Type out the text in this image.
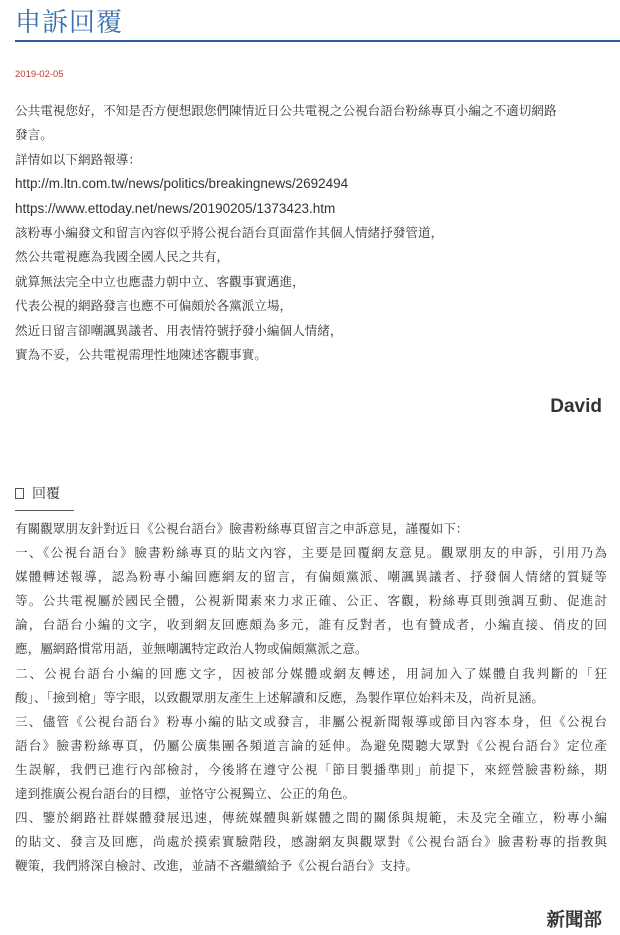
申訴回覆
2019-02-05
公共電視您好，不知是否方便想跟您們陳情近日公共電視之公視台語台粉絲專頁小編之不適切網路
發言。
詳情如以下網路報導：
http://m.ltn.com.tw/news/politics/breakingnews/2692494
https://www.ettoday.net/news/20190205/1373423.htm
該粉專小編發文和留言內容似乎將公視台語台頁面當作其個人情緒抒發管道，
然公共電視應為我國全國人民之共有，
就算無法完全中立也應盡力朝中立、客觀事實邁進，
代表公視的網路發言也應不可偏頗於各黨派立場，
然近日留言卻嘲諷異議者、用表情符號抒發小編個人情緒，
實為不妥，公共電視需理性地陳述客觀事實。
David
回覆
有關觀眾朋友針對近日《公視台語台》臉書粉絲專頁留言之申訴意見，謹覆如下：
一、《公視台語台》臉書粉絲專頁的貼文內容，主要是回覆網友意見。觀眾朋友的申訴，引用乃為
媒體轉述報導，認為粉專小編回應網友的留言，有偏頗黨派、嘲諷異議者、抒發個人情緒的質疑等
等。公共電視屬於國民全體，公視新聞素來力求正確、公正、客觀，粉絲專頁則強調互動、促進討
論，台語台小編的文字，收到網友回應頗為多元，誰有反對者，也有贊成者，小編直接、俏皮的回
應，屬網路慣常用語，並無嘲諷特定政治人物或偏頗黨派之意。
二、公視台語台小編的回應文字，因被部分媒體或網友轉述，用詞加入了媒體自我判斷的「狂
酸」、「撿到槍」等字眼，以致觀眾朋友產生上述解讀和反應，為製作單位始料未及，尚祈見涵。
三、儘管《公視台語台》粉專小編的貼文或發言，非屬公視新聞報導或節目內容本身，但《公視台
語台》臉書粉絲專頁，仍屬公廣集團各頻道言論的延伸。為避免閱聽大眾對《公視台語台》定位產
生誤解，我們已進行內部檢討，今後將在遵守公視「節目製播準則」前提下，來經營臉書粉絲，期
達到推廣公視台語台的目標，並恪守公視獨立、公正的角色。
四、鑒於網路社群媒體發展迅速，傳統媒體與新媒體之間的關係與規範，未及完全確立，粉專小編
的貼文、發言及回應，尚處於摸索實驗階段，感謝網友與觀眾對《公視台語台》臉書粉專的指教與
鞭策，我們將深自檢討、改進，並請不吝繼續給予《公視台語台》支持。
新聞部
